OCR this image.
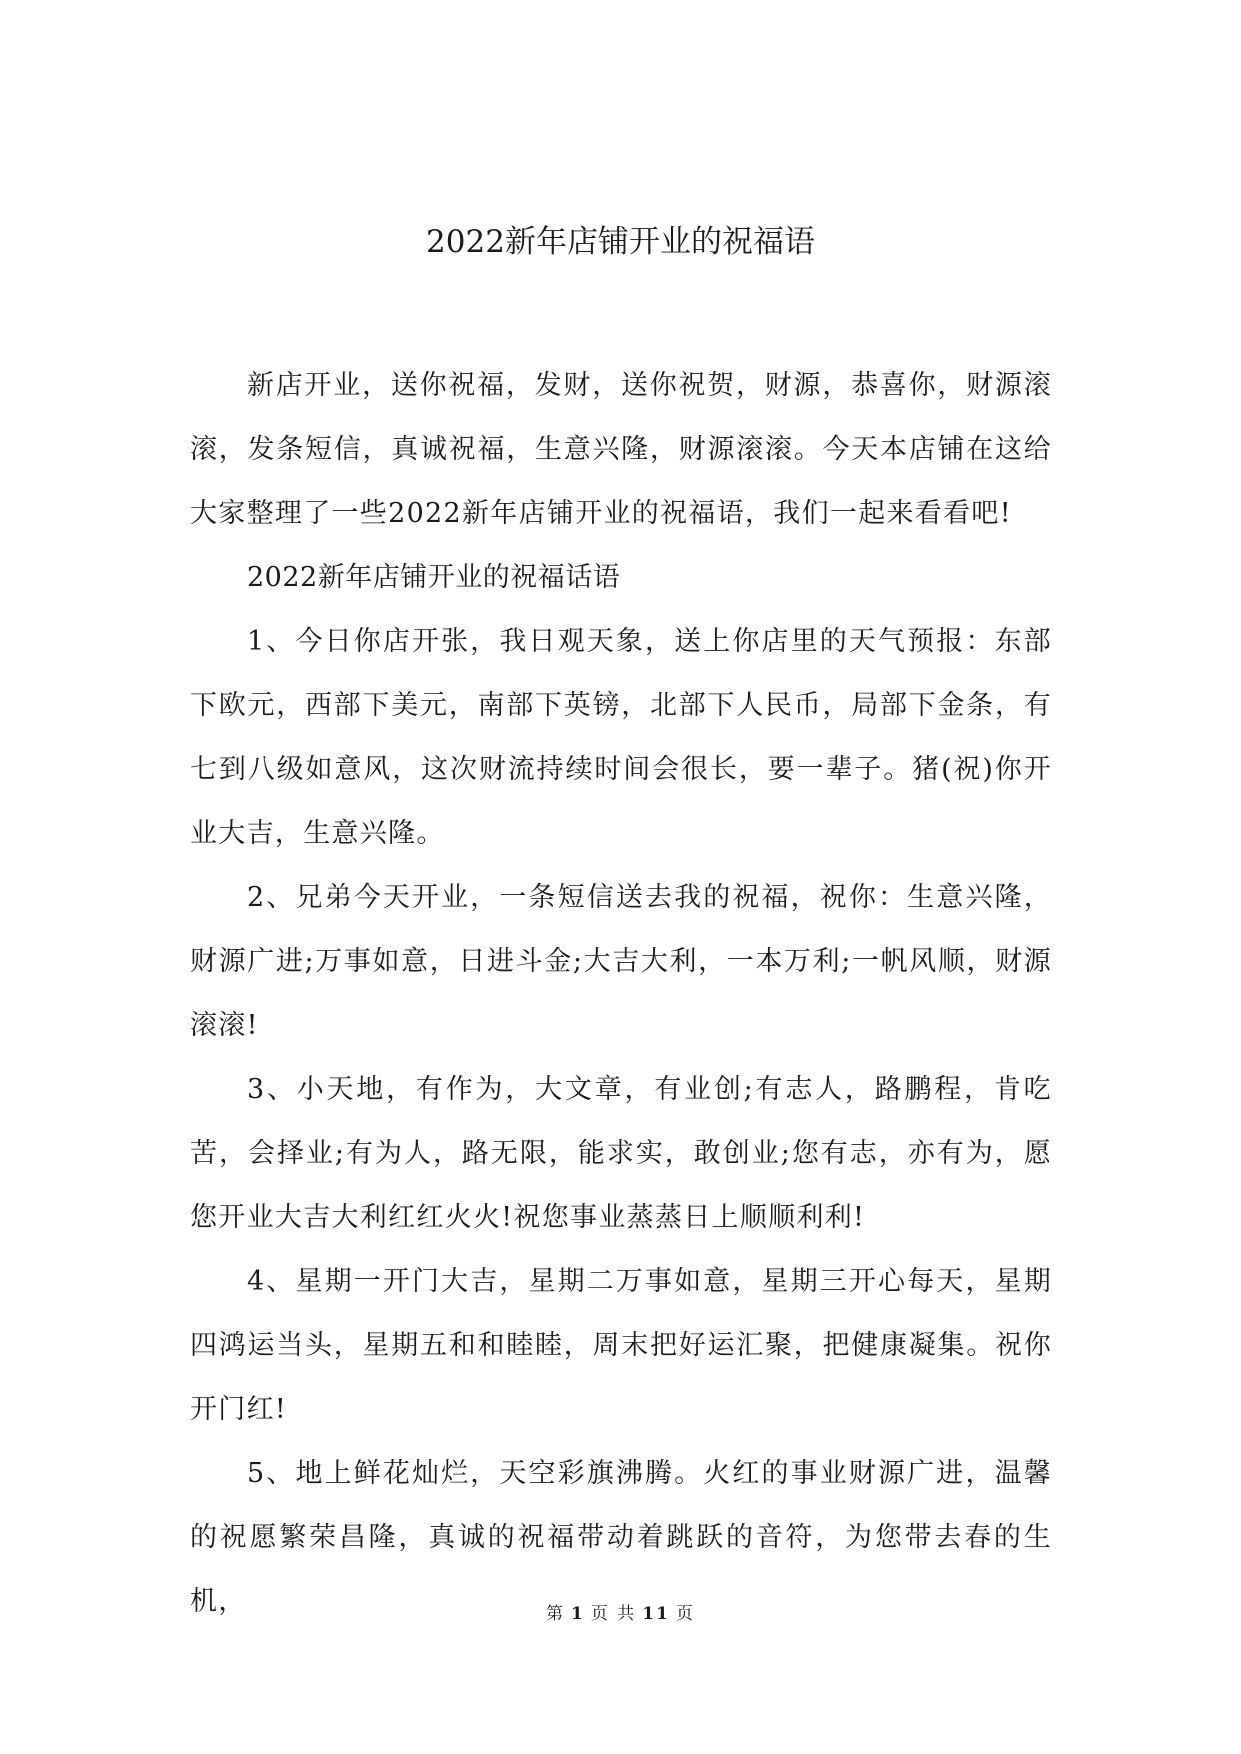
2022新年店铺开业的祝福语

新店开业，送你祝福，发财，送你祝贺，财源，恭喜你，财源滚滚，发条短信，真诚祝福，生意兴隆，财源滚滚。今天本店铺在这给大家整理了一些2022新年店铺开业的祝福语，我们一起来看看吧!

2022新年店铺开业的祝福话语

1、今日你店开张，我日观天象，送上你店里的天气预报：东部下欧元，西部下美元，南部下英镑，北部下人民币，局部下金条，有七到八级如意风，这次财流持续时间会很长，要一辈子。猪(祝)你开业大吉，生意兴隆。

2、兄弟今天开业，一条短信送去我的祝福，祝你：生意兴隆，财源广进;万事如意，日进斗金;大吉大利，一本万利;一帆风顺，财源滚滚!

3、小天地，有作为，大文章，有业创;有志人，路鹏程，肯吃苦，会择业;有为人，路无限，能求实，敢创业;您有志，亦有为，愿您开业大吉大利红红火火!祝您事业蒸蒸日上顺顺利利!

4、星期一开门大吉，星期二万事如意，星期三开心每天，星期四鸿运当头，星期五和和睦睦，周末把好运汇聚，把健康凝集。祝你开门红!

5、地上鲜花灿烂，天空彩旗沸腾。火红的事业财源广进，温馨的祝愿繁荣昌隆，真诚的祝福带动着跳跃的音符，为您带去春的生机，	第 1 页 共 11 页
